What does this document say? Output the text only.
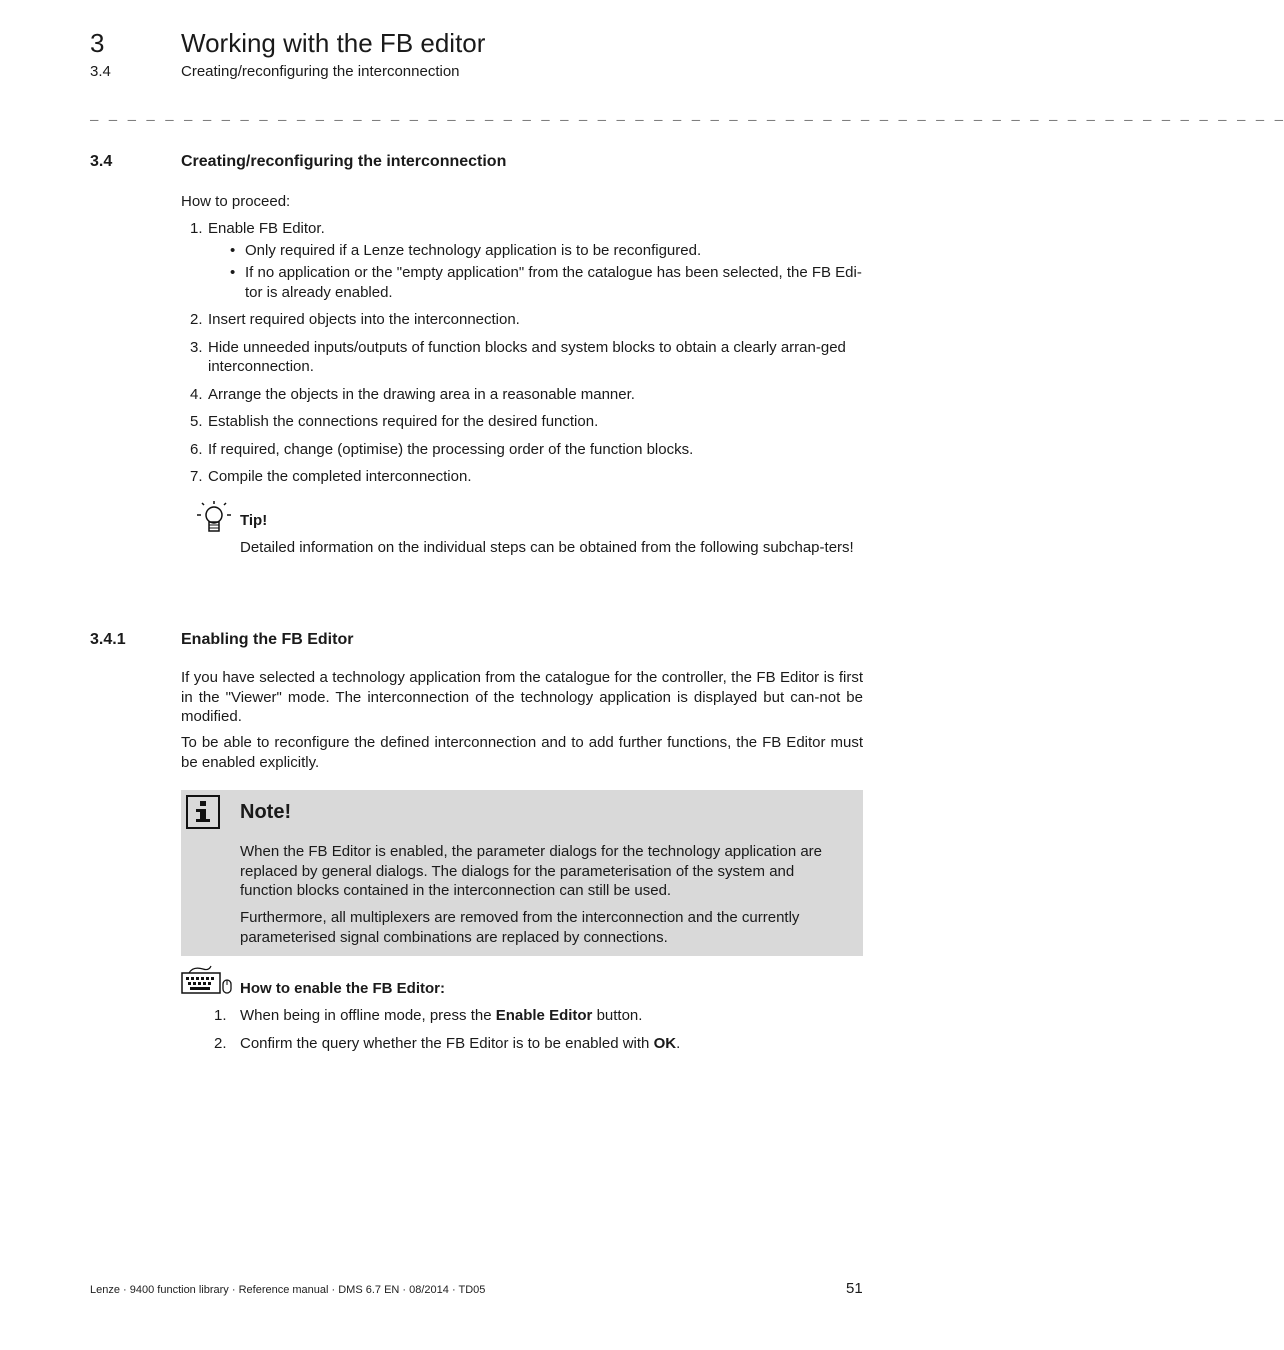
3	Working with the FB editor
3.4	Creating/reconfiguring the interconnection
_ _ _ _ _ _ _ _ _ _ _ _ _ _ _ _ _ _ _ _ _ _ _ _ _ _ _ _ _ _ _ _ _ _ _ _ _ _ _ _ _ _ _ _ _ _ _ _ _ _ _ _ _ _ _ _ _ _ _ _ _ _ _ _
3.4	Creating/reconfiguring the interconnection
How to proceed:
1. Enable FB Editor.
• Only required if a Lenze technology application is to be reconfigured.
• If no application or the "empty application" from the catalogue has been selected, the FB Edi-tor is already enabled.
2. Insert required objects into the interconnection.
3. Hide unneeded inputs/outputs of function blocks and system blocks to obtain a clearly arran-ged interconnection.
4. Arrange the objects in the drawing area in a reasonable manner.
5. Establish the connections required for the desired function.
6. If required, change (optimise) the processing order of the function blocks.
7. Compile the completed interconnection.
Tip!
Detailed information on the individual steps can be obtained from the following subchap-ters!
3.4.1	Enabling the FB Editor
If you have selected a technology application from the catalogue for the controller, the FB Editor is first in the "Viewer" mode. The interconnection of the technology application is displayed but can-not be modified.
To be able to reconfigure the defined interconnection and to add further functions, the FB Editor must be enabled explicitly.
Note!
When the FB Editor is enabled, the parameter dialogs for the technology application are replaced by general dialogs. The dialogs for the parameterisation of the system and function blocks contained in the interconnection can still be used.
Furthermore, all multiplexers are removed from the interconnection and the currently parameterised signal combinations are replaced by connections.
How to enable the FB Editor:
1. When being in offline mode, press the Enable Editor button.
2. Confirm the query whether the FB Editor is to be enabled with OK.
Lenze · 9400 function library · Reference manual · DMS 6.7 EN · 08/2014 · TD05	51
